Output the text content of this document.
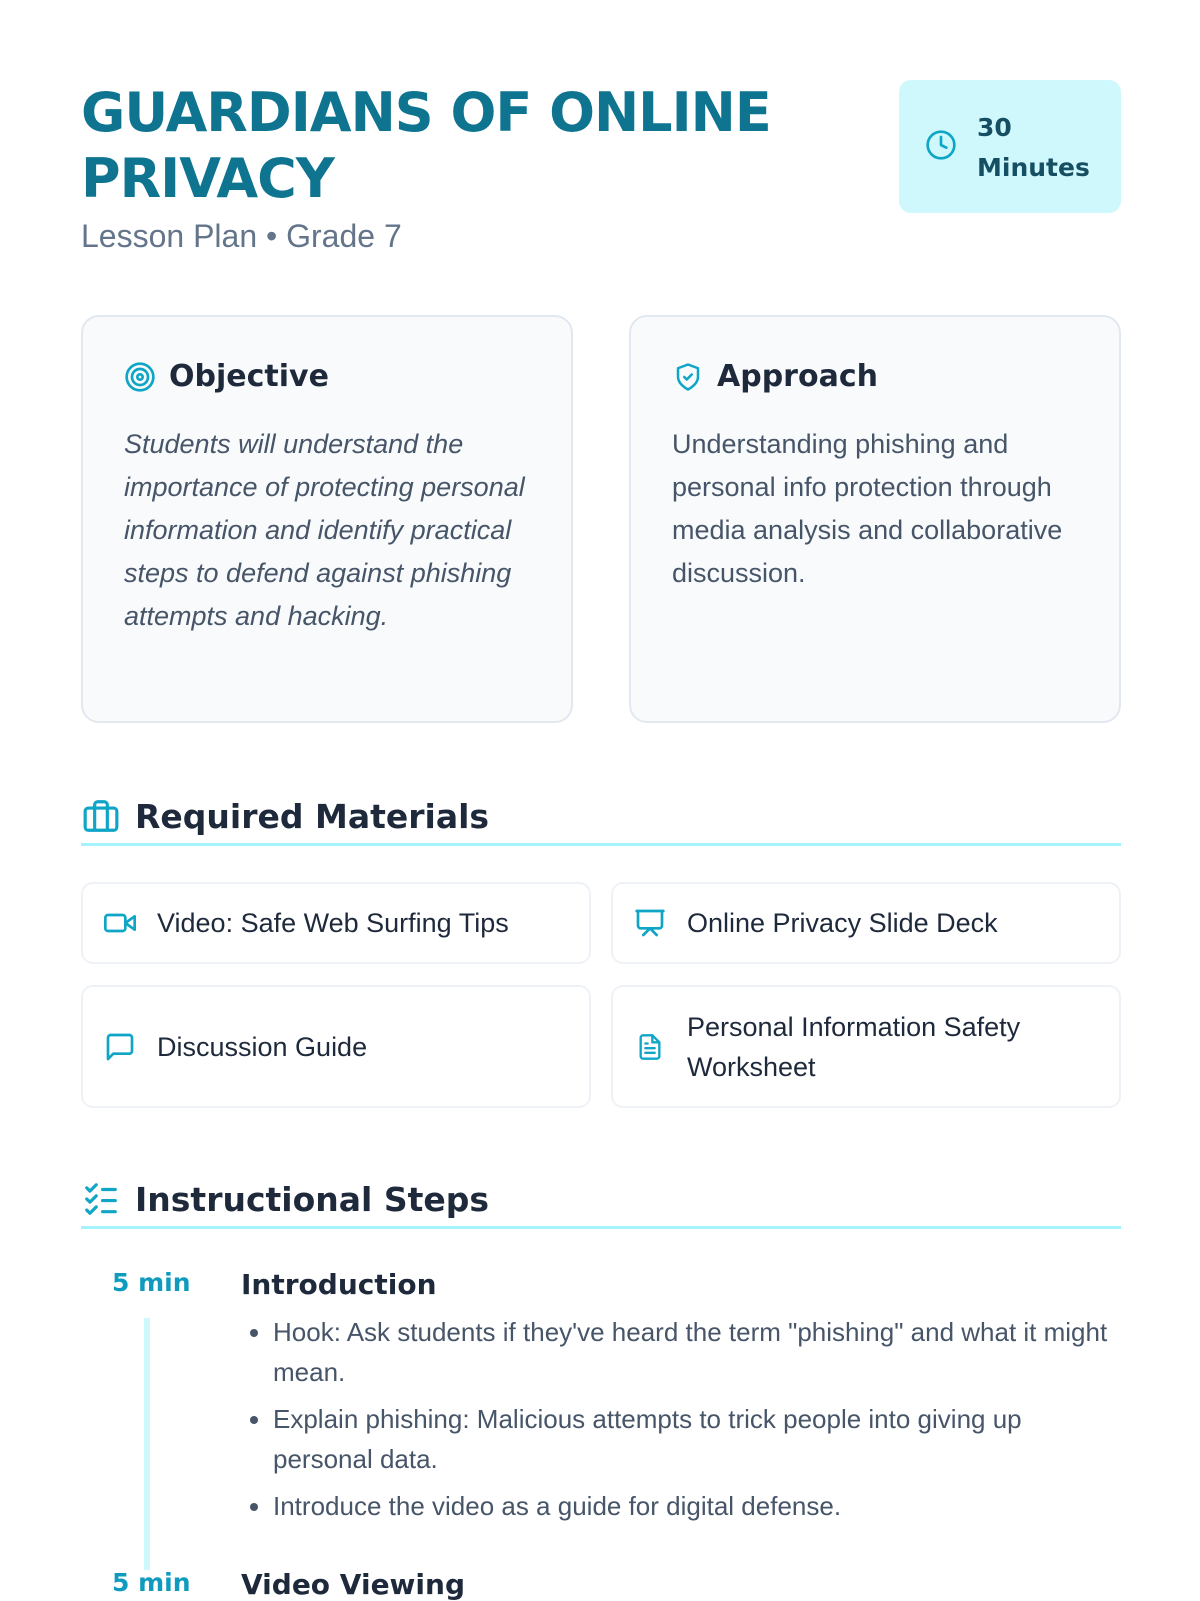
GUARDIANS OF ONLINE PRIVACY
Lesson Plan • Grade 7
30
Minutes
Objective
Students will understand the importance of protecting personal information and identify practical steps to defend against phishing attempts and hacking.
Approach
Understanding phishing and personal info protection through media analysis and collaborative discussion.
Required Materials
Video: Safe Web Surfing Tips	Online Privacy Slide Deck
Discussion Guide
Personal Information Safety Worksheet
Instructional Steps
5 min Introduction
• Hook: Ask students if they've heard the term "phishing" and what it might mean.
• Explain phishing: Malicious attempts to trick people into giving up personal data.
• Introduce the video as a guide for digital defense.
5 min Video Viewing
